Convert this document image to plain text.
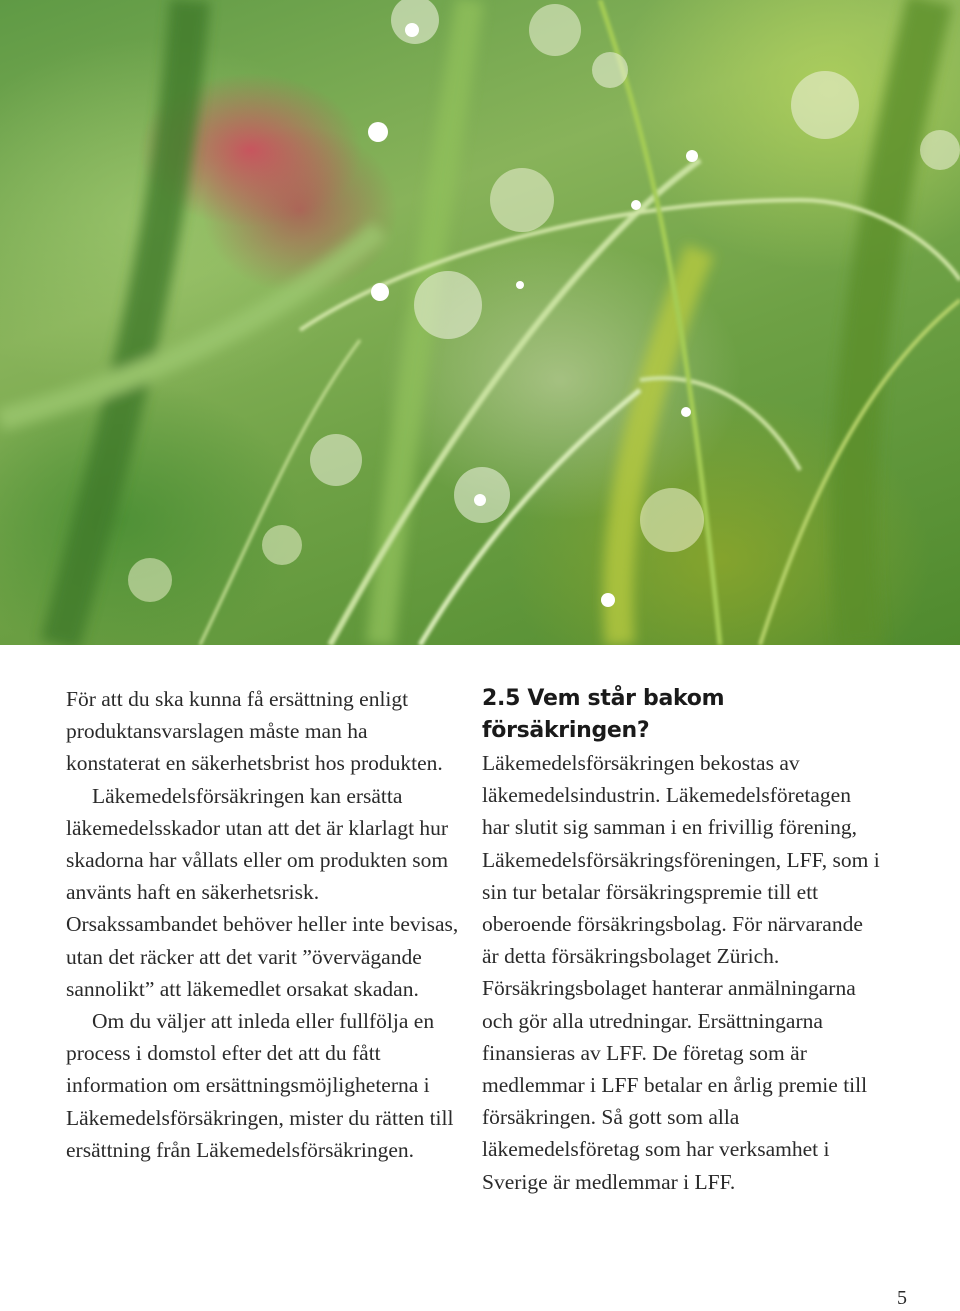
För att du ska kunna få ersättning enligt produktansvarslagen måste man ha konstaterat en säkerhetsbrist hos produkten.

Läkemedelsförsäkringen kan ersätta läkemedelsskador utan att det är klarlagt hur skadorna har vållats eller om produkten som använts haft en säkerhetsrisk. Orsakssambandet behöver heller inte bevisas, utan det räcker att det varit ”övervägande sannolikt” att läkemedlet orsakat skadan.

Om du väljer att inleda eller fullfölja en process i domstol efter det att du fått information om ersättningsmöjligheterna i Läkemedelsförsäkringen, mister du rätten till ersättning från Läkemedelsförsäkringen.

2.5 Vem står bakom försäkringen?

Läkemedelsförsäkringen bekostas av läkemedelsindustrin. Läkemedelsföretagen har slutit sig samman i en frivillig förening, Läkemedelsförsäkringsföreningen, LFF, som i sin tur betalar försäkringspremie till ett oberoende försäkringsbolag. För närvarande är detta försäkringsbolaget Zürich. Försäkringsbolaget hanterar anmälningarna och gör alla utredningar. Ersättningarna finansieras av LFF. De företag som är medlemmar i LFF betalar en årlig premie till försäkringen. Så gott som alla läkemedelsföretag som har verksamhet i Sverige är medlemmar i LFF.

5
